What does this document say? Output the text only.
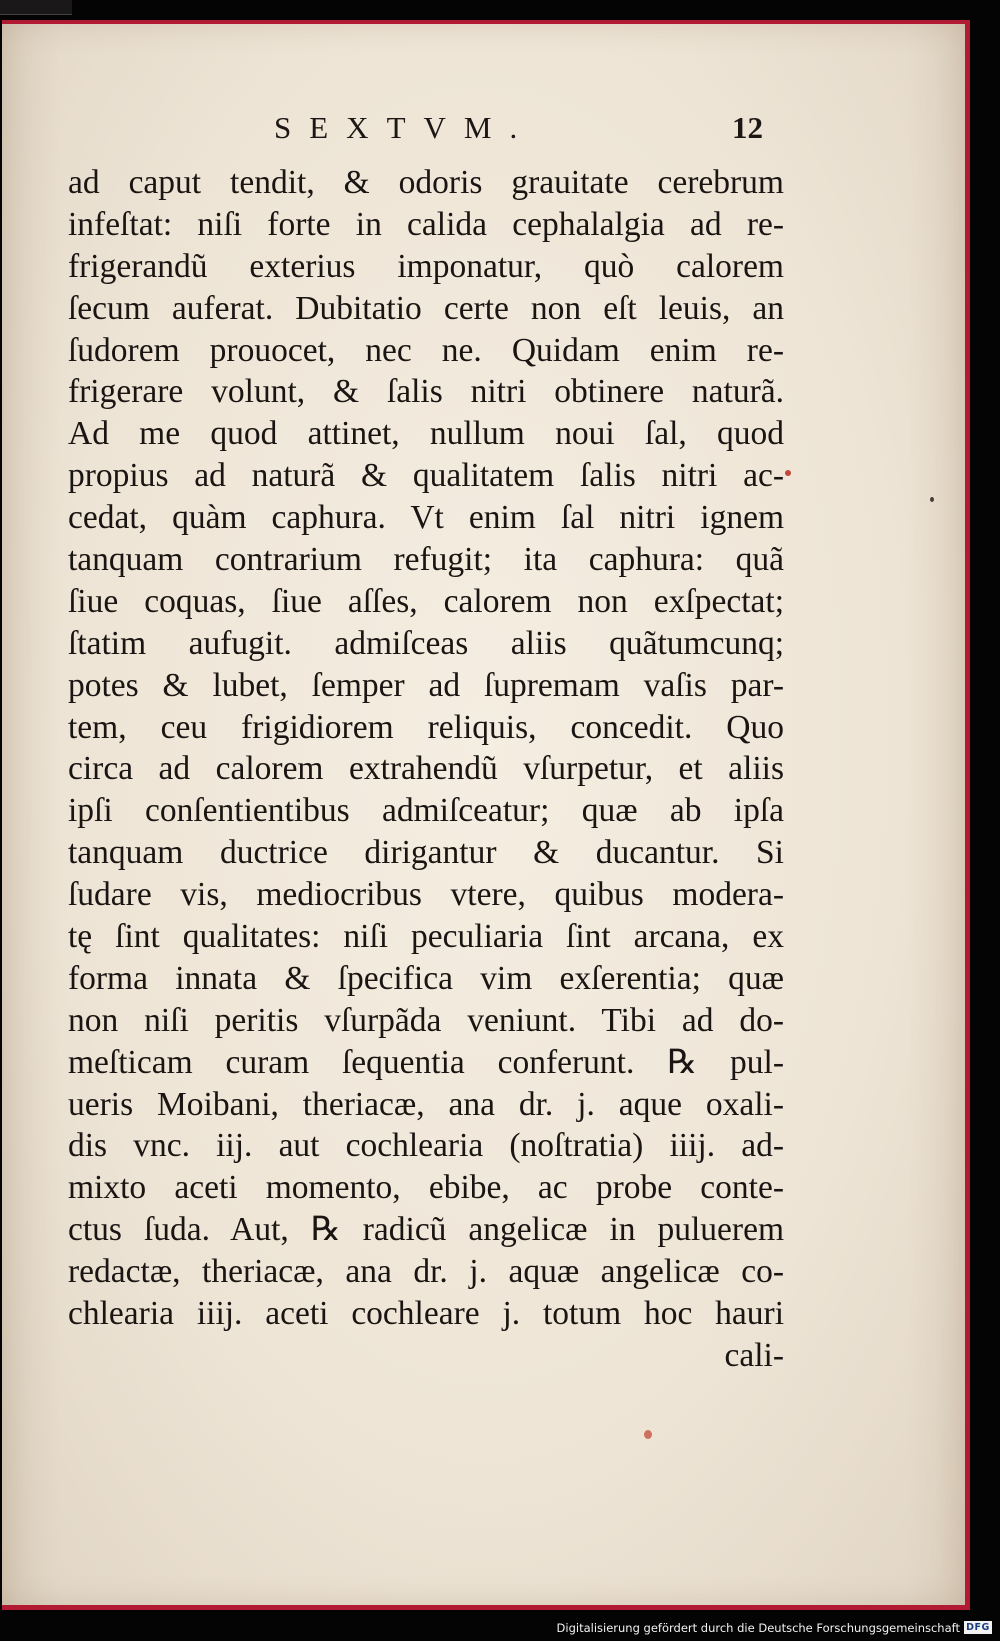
SEXTVM.	12
ad caput tendit, & odoris grauitate cerebrum
infeſtat: niſi forte in calida cephalalgia ad re-
frigerandũ exterius imponatur, quò calorem
ſecum auferat. Dubitatio certe non eſt leuis, an
ſudorem prouocet, nec ne. Quidam enim re-
frigerare volunt, & ſalis nitri obtinere naturã.
Ad me quod attinet, nullum noui ſal, quod
propius ad naturã & qualitatem ſalis nitri ac-
cedat, quàm caphura. Vt enim ſal nitri ignem
tanquam contrarium refugit; ita caphura: quã
ſiue coquas, ſiue aſſes, calorem non exſpectat;
ſtatim aufugit. admiſceas aliis quãtumcunq;
potes & lubet, ſemper ad ſupremam vaſis par-
tem, ceu frigidiorem reliquis, concedit. Quo
circa ad calorem extrahendũ vſurpetur, et aliis
ipſi conſentientibus admiſceatur; quæ ab ipſa
tanquam ductrice dirigantur & ducantur. Si
ſudare vis, mediocribus vtere, quibus modera-
tę ſint qualitates: niſi peculiaria ſint arcana, ex
forma innata & ſpecifica vim exſerentia; quæ
non niſi peritis vſurpãda veniunt. Tibi ad do-
meſticam curam ſequentia conferunt. ℞ pul-
ueris Moibani, theriacæ, ana dr. j. aque oxali-
dis vnc. iij. aut cochlearia (noſtratia) iiij. ad-
mixto aceti momento, ebibe, ac probe conte-
ctus ſuda. Aut, ℞ radicũ angelicæ in puluerem
redactæ, theriacæ, ana dr. j. aquæ angelicæ co-
chlearia iiij. aceti cochleare j. totum hoc hauri
cali-
Digitalisierung gefördert durch die Deutsche Forschungsgemeinschaft DFG
